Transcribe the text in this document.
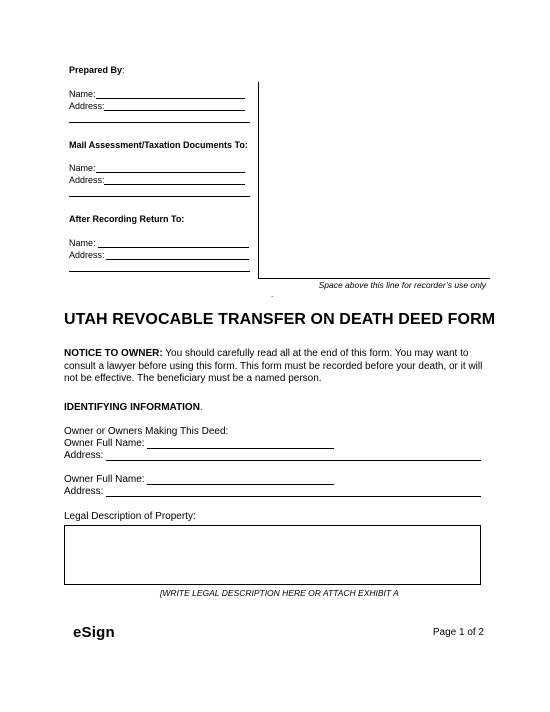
Prepared By:
Name:
Address:
Mail Assessment/Taxation Documents To:
Name:
Address:
After Recording Return To:
Name:
Address:
Space above this line for recorder’s use only
.
UTAH REVOCABLE TRANSFER ON DEATH DEED FORM
NOTICE TO OWNER: You should carefully read all at the end of this form. You may want to
consult a lawyer before using this form. This form must be recorded before your death, or it will
not be effective. The beneficiary must be a named person.
IDENTIFYING INFORMATION.
Owner or Owners Making This Deed:
Owner Full Name:
Address:
Owner Full Name:
Address:
Legal Description of Property:
[WRITE LEGAL DESCRIPTION HERE OR ATTACH EXHIBIT A
eSign	Page 1 of 2
